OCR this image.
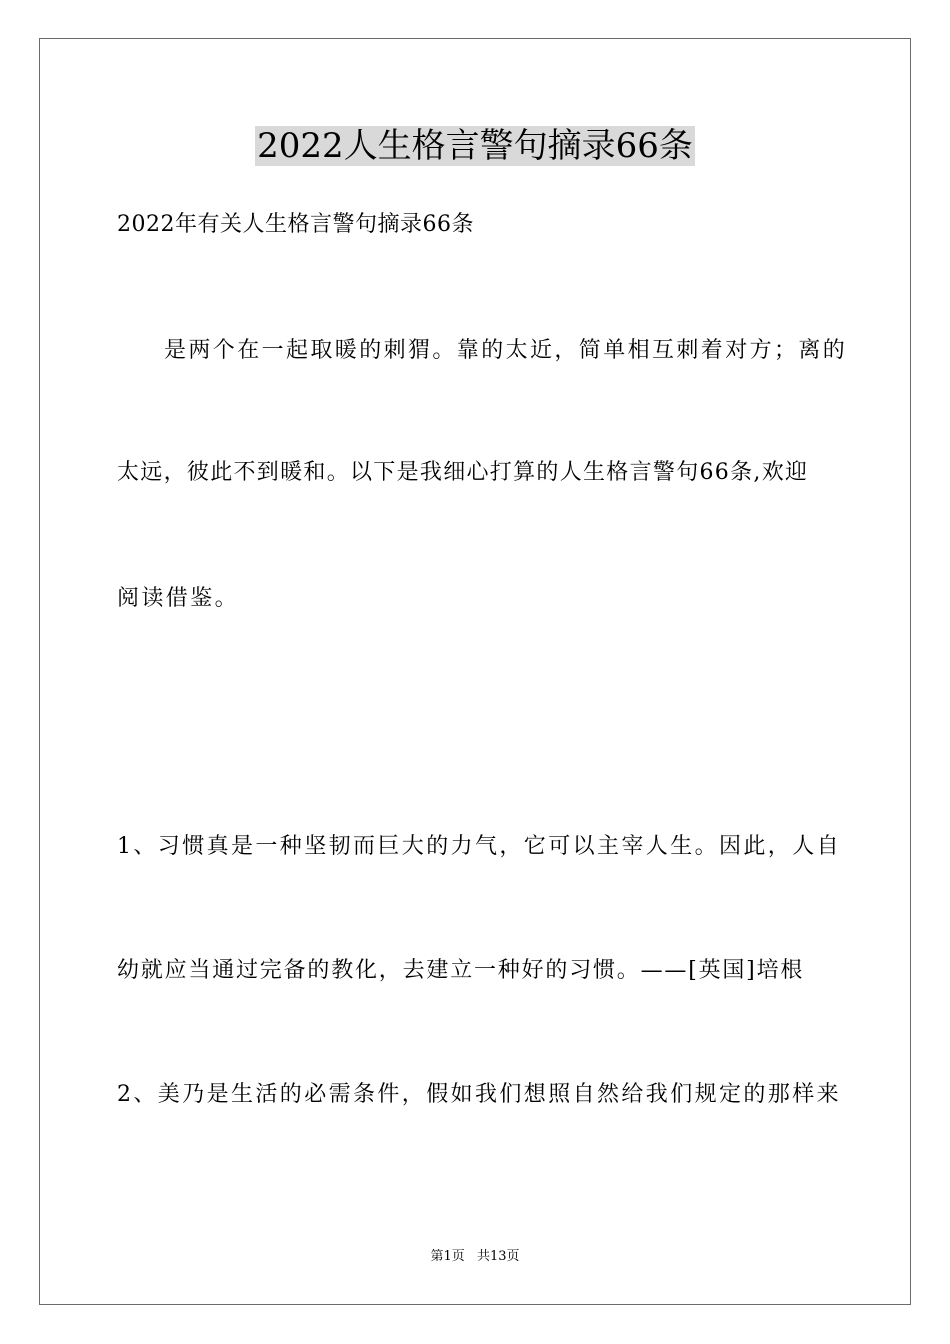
2022人生格言警句摘录66条
2022年有关人生格言警句摘录66条
是两个在一起取暖的刺猬。靠的太近，简单相互刺着对方；离的
太远，彼此不到暖和。以下是我细心打算的人生格言警句66条,欢迎
阅读借鉴。
1、习惯真是一种坚韧而巨大的力气，它可以主宰人生。因此，人自
幼就应当通过完备的教化，去建立一种好的习惯。——[英国]培根
2、美乃是生活的必需条件，假如我们想照自然给我们规定的那样来
第1页 共13页
